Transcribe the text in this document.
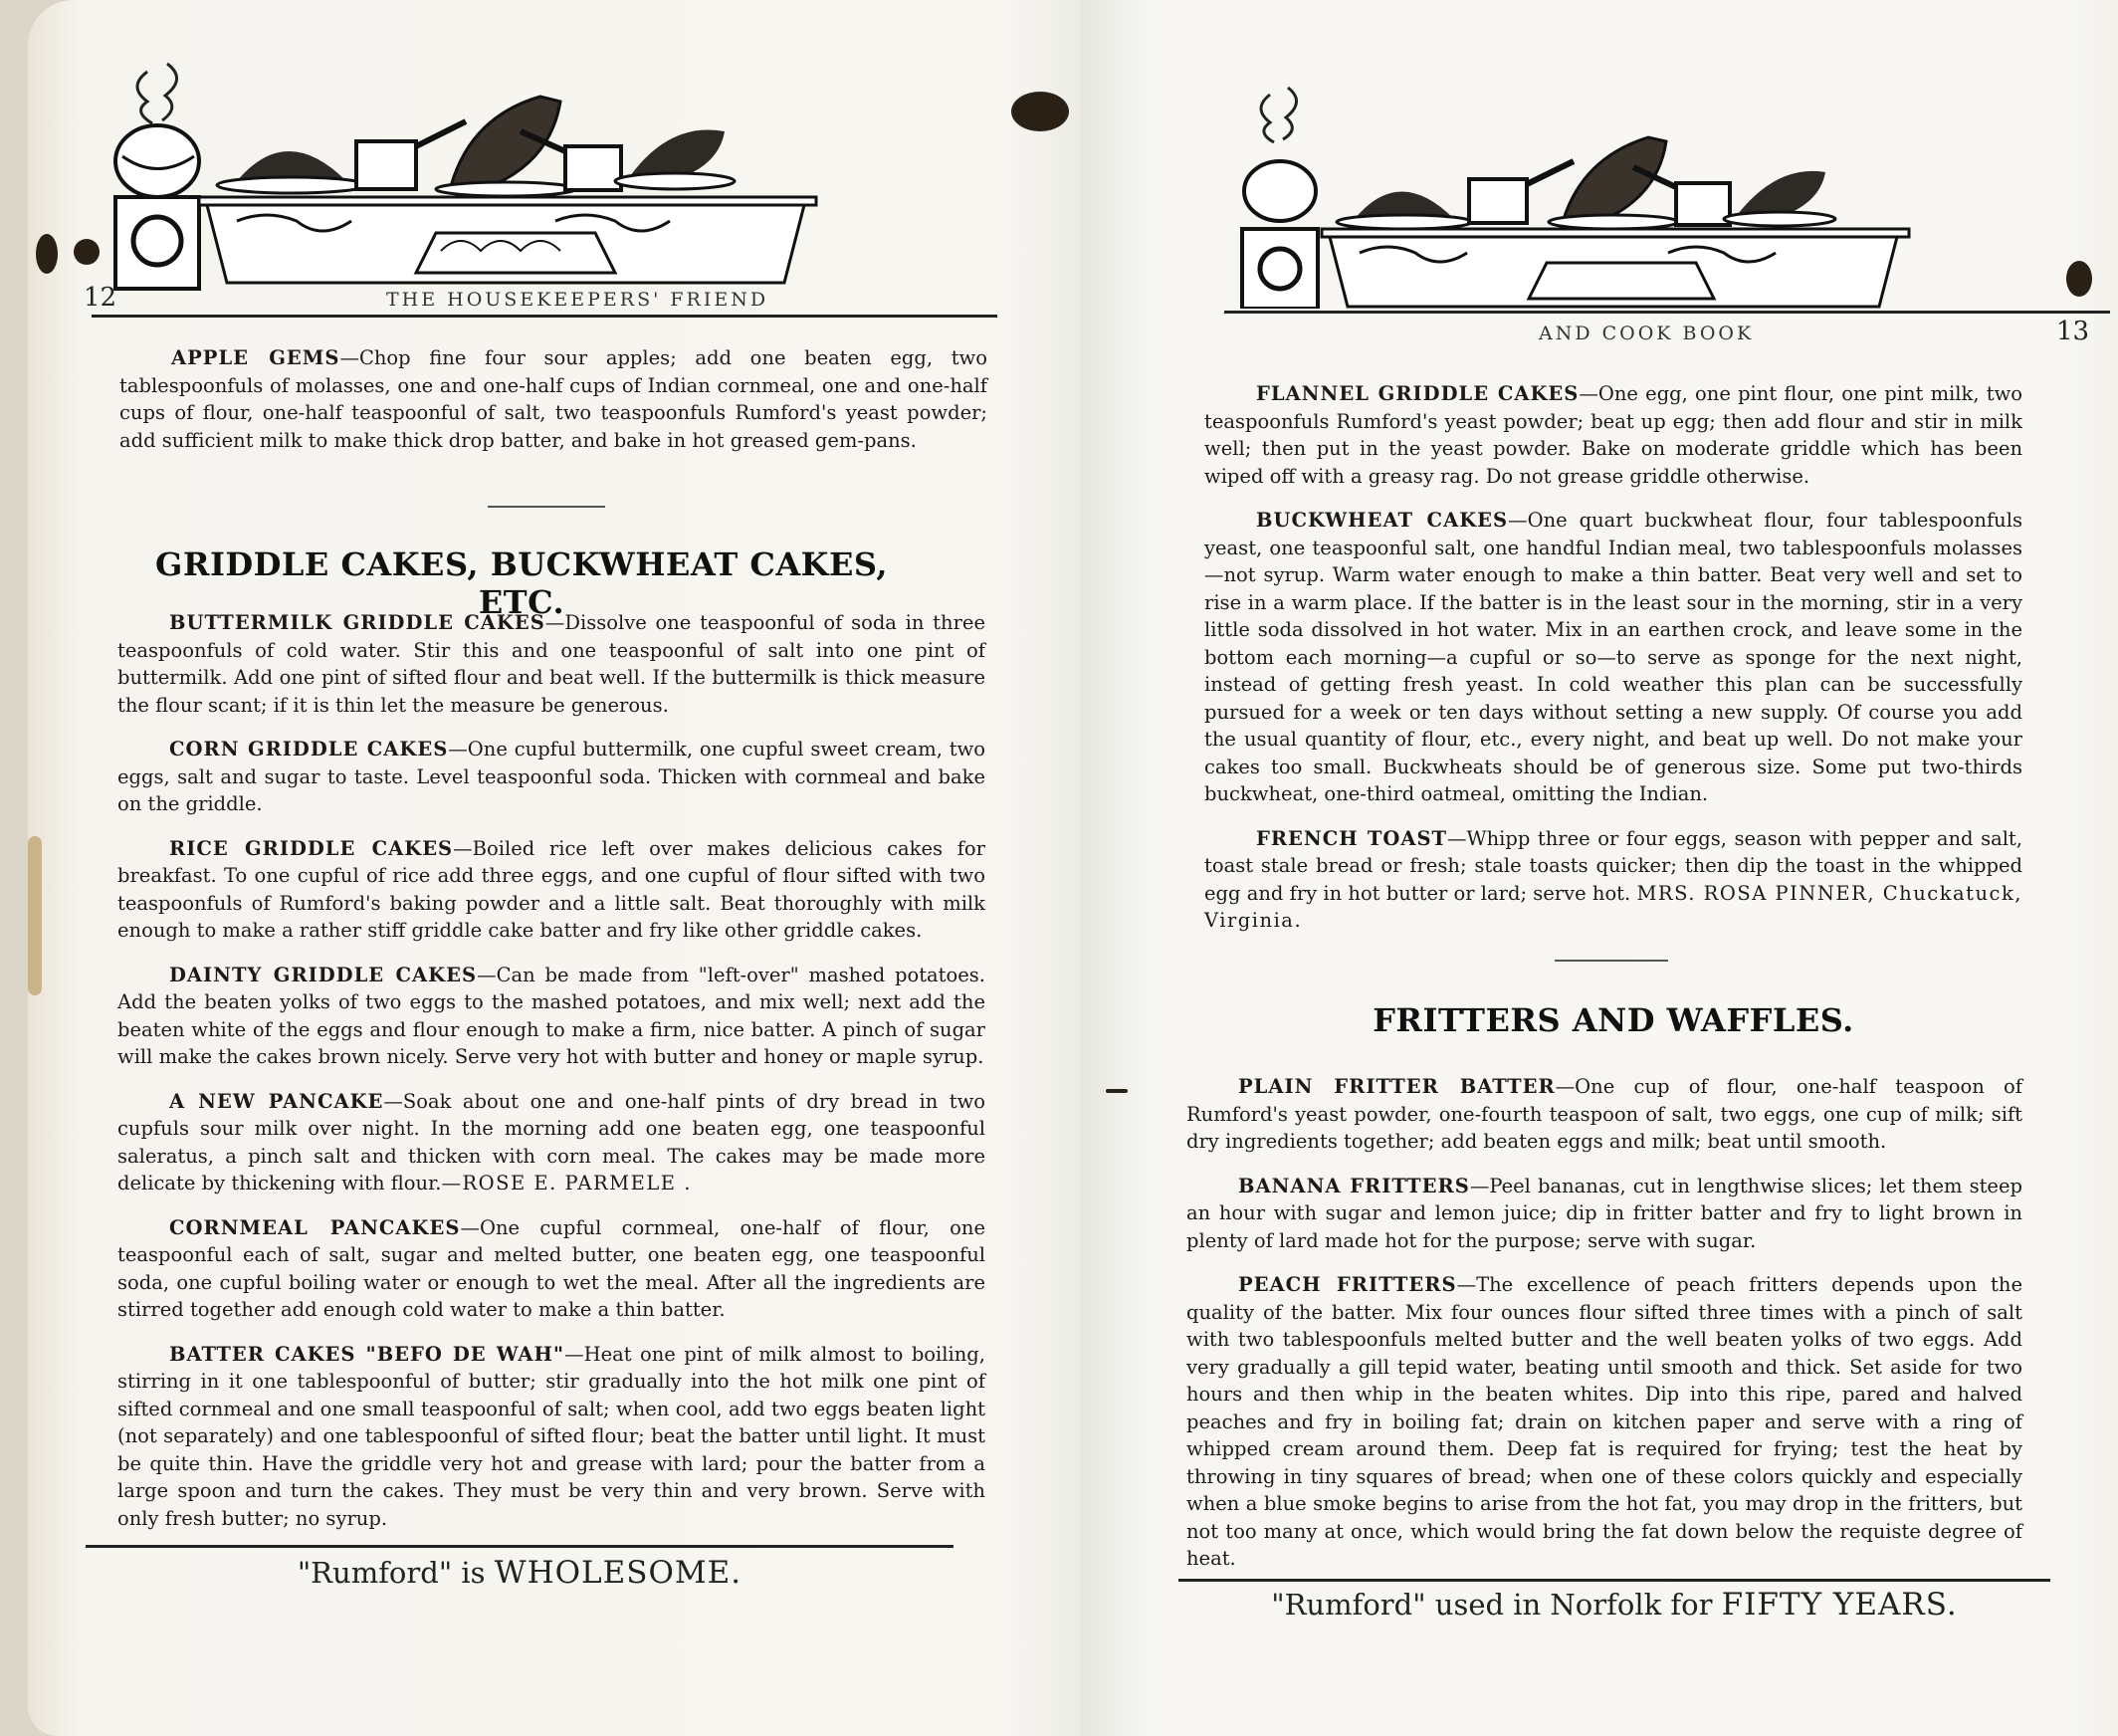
12	THE HOUSEKEEPERS' FRIEND

APPLE GEMS—Chop fine four sour apples; add one beaten egg, two tablespoonfuls of molasses, one and one-half cups of Indian cornmeal, one and one-half cups of flour, one-half teaspoonful of salt, two teaspoonfuls Rumford's yeast powder; add sufficient milk to make thick drop batter, and bake in hot greased gem-pans.

GRIDDLE CAKES, BUCKWHEAT CAKES, ETC.

BUTTERMILK GRIDDLE CAKES—Dissolve one teaspoonful of soda in three teaspoonfuls of cold water. Stir this and one teaspoonful of salt into one pint of buttermilk. Add one pint of sifted flour and beat well. If the buttermilk is thick measure the flour scant; if it is thin let the measure be generous.

CORN GRIDDLE CAKES—One cupful buttermilk, one cupful sweet cream, two eggs, salt and sugar to taste. Level teaspoonful soda. Thicken with cornmeal and bake on the griddle.

RICE GRIDDLE CAKES—Boiled rice left over makes delicious cakes for breakfast. To one cupful of rice add three eggs, and one cupful of flour sifted with two teaspoonfuls of Rumford's baking powder and a little salt. Beat thoroughly with milk enough to make a rather stiff griddle cake batter and fry like other griddle cakes.

DAINTY GRIDDLE CAKES—Can be made from "left-over" mashed potatoes. Add the beaten yolks of two eggs to the mashed potatoes, and mix well; next add the beaten white of the eggs and flour enough to make a firm, nice batter. A pinch of sugar will make the cakes brown nicely. Serve very hot with butter and honey or maple syrup.

A NEW PANCAKE—Soak about one and one-half pints of dry bread in two cupfuls sour milk over night. In the morning add one beaten egg, one teaspoonful saleratus, a pinch salt and thicken with corn meal. The cakes may be made more delicate by thickening with flour.—ROSE E. PARMELE .

CORNMEAL PANCAKES—One cupful cornmeal, one-half of flour, one teaspoonful each of salt, sugar and melted butter, one beaten egg, one teaspoonful soda, one cupful boiling water or enough to wet the meal. After all the ingredients are stirred together add enough cold water to make a thin batter.

BATTER CAKES "BEFO DE WAH"—Heat one pint of milk almost to boiling, stirring in it one tablespoonful of butter; stir gradually into the hot milk one pint of sifted cornmeal and one small teaspoonful of salt; when cool, add two eggs beaten light (not separately) and one tablespoonful of sifted flour; beat the batter until light. It must be quite thin. Have the griddle very hot and grease with lard; pour the batter from a large spoon and turn the cakes. They must be very thin and very brown. Serve with only fresh butter; no syrup.

"Rumford" is WHOLESOME.
AND COOK BOOK	13

FLANNEL GRIDDLE CAKES—One egg, one pint flour, one pint milk, two teaspoonfuls Rumford's yeast powder; beat up egg; then add flour and stir in milk well; then put in the yeast powder. Bake on moderate griddle which has been wiped off with a greasy rag. Do not grease griddle otherwise.

BUCKWHEAT CAKES—One quart buckwheat flour, four tablespoonfuls yeast, one teaspoonful salt, one handful Indian meal, two tablespoonfuls molasses—not syrup. Warm water enough to make a thin batter. Beat very well and set to rise in a warm place. If the batter is in the least sour in the morning, stir in a very little soda dissolved in hot water. Mix in an earthen crock, and leave some in the bottom each morning—a cupful or so—to serve as sponge for the next night, instead of getting fresh yeast. In cold weather this plan can be successfully pursued for a week or ten days without setting a new supply. Of course you add the usual quantity of flour, etc., every night, and beat up well. Do not make your cakes too small. Buckwheats should be of generous size. Some put two-thirds buckwheat, one-third oatmeal, omitting the Indian.

FRENCH TOAST—Whipp three or four eggs, season with pepper and salt, toast stale bread or fresh; stale toasts quicker; then dip the toast in the whipped egg and fry in hot butter or lard; serve hot. MRS. ROSA PINNER, Chuckatuck, Virginia.

FRITTERS AND WAFFLES.

PLAIN FRITTER BATTER—One cup of flour, one-half teaspoon of Rumford's yeast powder, one-fourth teaspoon of salt, two eggs, one cup of milk; sift dry ingredients together; add beaten eggs and milk; beat until smooth.

BANANA FRITTERS—Peel bananas, cut in lengthwise slices; let them steep an hour with sugar and lemon juice; dip in fritter batter and fry to light brown in plenty of lard made hot for the purpose; serve with sugar.

PEACH FRITTERS—The excellence of peach fritters depends upon the quality of the batter. Mix four ounces flour sifted three times with a pinch of salt with two tablespoonfuls melted butter and the well beaten yolks of two eggs. Add very gradually a gill tepid water, beating until smooth and thick. Set aside for two hours and then whip in the beaten whites. Dip into this ripe, pared and halved peaches and fry in boiling fat; drain on kitchen paper and serve with a ring of whipped cream around them. Deep fat is required for frying; test the heat by throwing in tiny squares of bread; when one of these colors quickly and especially when a blue smoke begins to arise from the hot fat, you may drop in the fritters, but not too many at once, which would bring the fat down below the requiste degree of heat.

"Rumford" used in Norfolk for FIFTY YEARS.
